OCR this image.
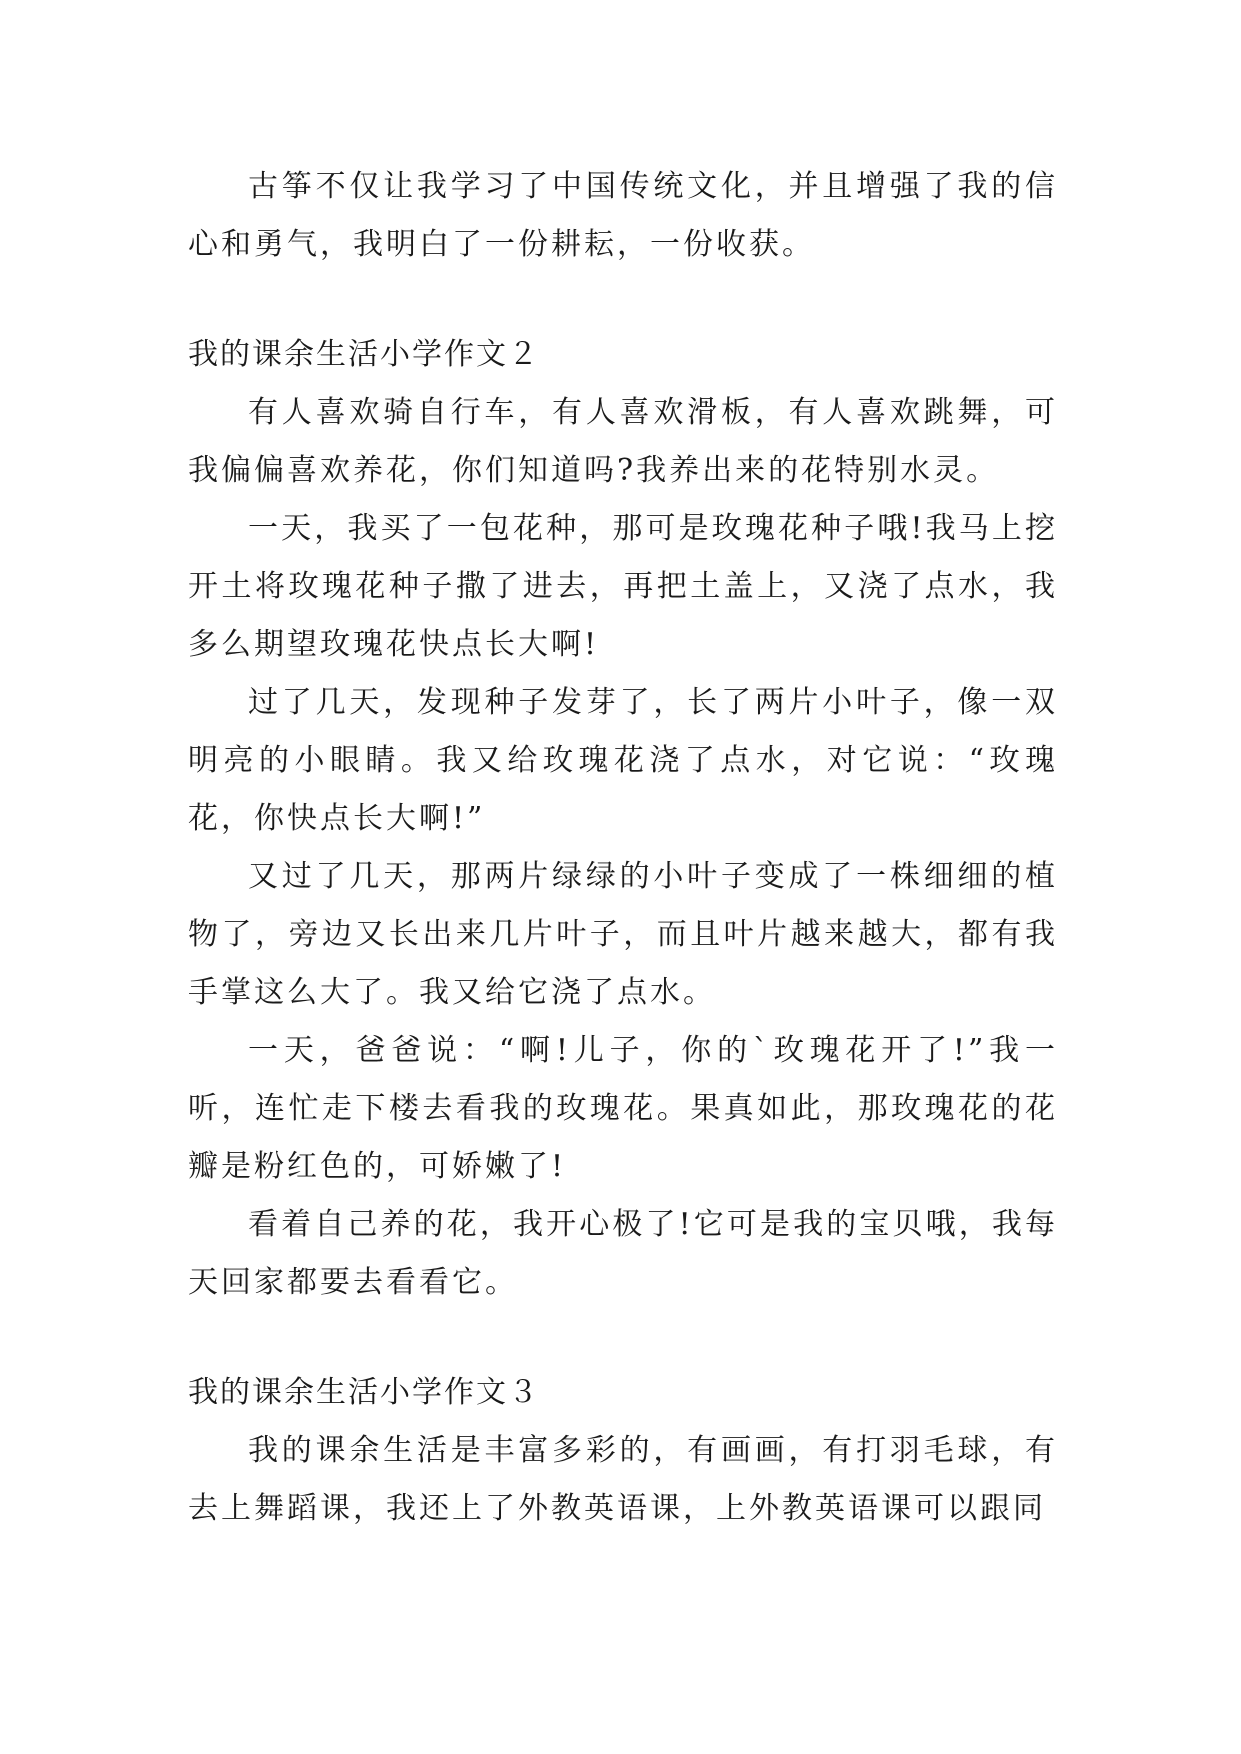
古筝不仅让我学习了中国传统文化，并且增强了我的信心和勇气，我明白了一份耕耘，一份收获。

我的课余生活小学作文２

有人喜欢骑自行车，有人喜欢滑板，有人喜欢跳舞，可我偏偏喜欢养花，你们知道吗?我养出来的花特别水灵。

一天，我买了一包花种，那可是玫瑰花种子哦!我马上挖开土将玫瑰花种子撒了进去，再把土盖上，又浇了点水，我多么期望玫瑰花快点长大啊!

过了几天，发现种子发芽了，长了两片小叶子，像一双明亮的小眼睛。我又给玫瑰花浇了点水，对它说：“玫瑰花，你快点长大啊!”

又过了几天，那两片绿绿的小叶子变成了一株细细的植物了，旁边又长出来几片叶子，而且叶片越来越大，都有我手掌这么大了。我又给它浇了点水。

一天，爸爸说：“啊!儿子，你的`玫瑰花开了!”我一听，连忙走下楼去看我的玫瑰花。果真如此，那玫瑰花的花瓣是粉红色的，可娇嫩了!

看着自己养的花，我开心极了!它可是我的宝贝哦，我每天回家都要去看看它。

我的课余生活小学作文３

我的课余生活是丰富多彩的，有画画，有打羽毛球，有去上舞蹈课，我还上了外教英语课，上外教英语课可以跟同
